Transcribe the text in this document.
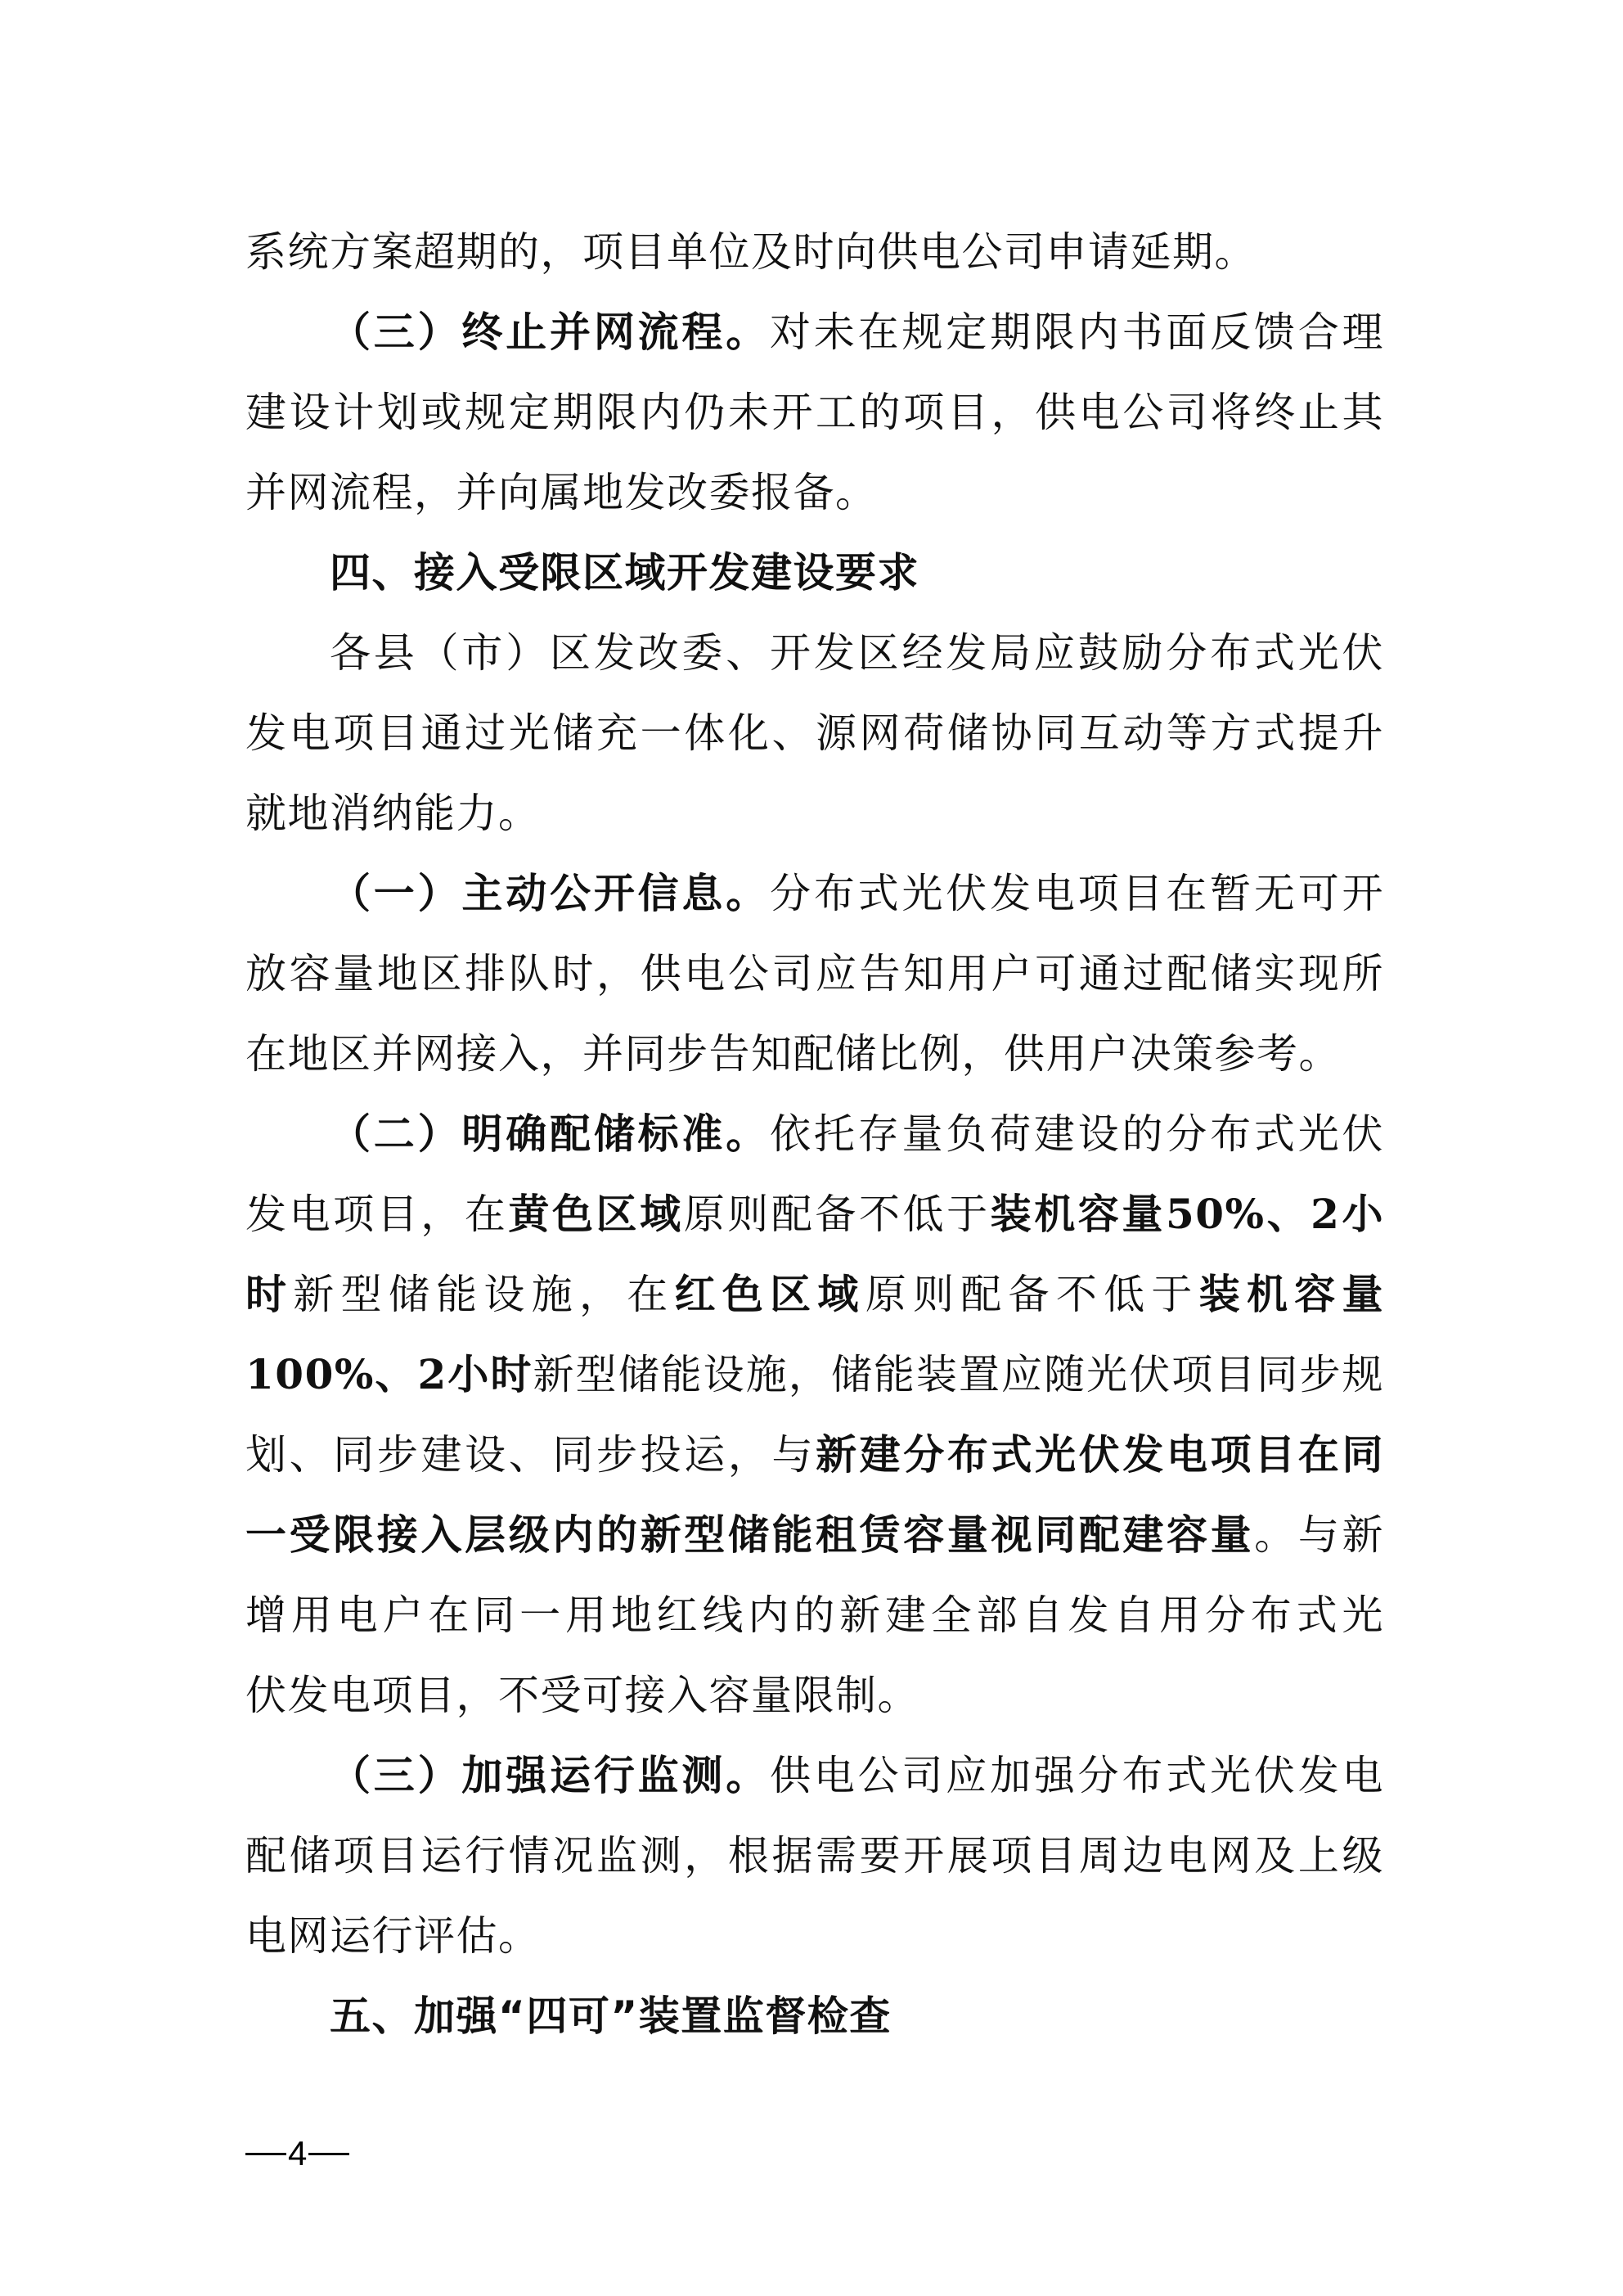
系统方案超期的，项目单位及时向供电公司申请延期。
（三）终止并网流程。对未在规定期限内书面反馈合理
建设计划或规定期限内仍未开工的项目，供电公司将终止其
并网流程，并向属地发改委报备。
四、接入受限区域开发建设要求
各县（市）区发改委、开发区经发局应鼓励分布式光伏
发电项目通过光储充一体化、源网荷储协同互动等方式提升
就地消纳能力。
（一）主动公开信息。分布式光伏发电项目在暂无可开
放容量地区排队时，供电公司应告知用户可通过配储实现所
在地区并网接入，并同步告知配储比例，供用户决策参考。
（二）明确配储标准。依托存量负荷建设的分布式光伏
发电项目，在黄色区域原则配备不低于装机容量50%、2小
时新型储能设施，在红色区域原则配备不低于装机容量
100%、2小时新型储能设施，储能装置应随光伏项目同步规
划、同步建设、同步投运，与新建分布式光伏发电项目在同
一受限接入层级内的新型储能租赁容量视同配建容量。与新
增用电户在同一用地红线内的新建全部自发自用分布式光
伏发电项目，不受可接入容量限制。
（三）加强运行监测。供电公司应加强分布式光伏发电
配储项目运行情况监测，根据需要开展项目周边电网及上级
电网运行评估。
五、加强“四可”装置监督检查
4
